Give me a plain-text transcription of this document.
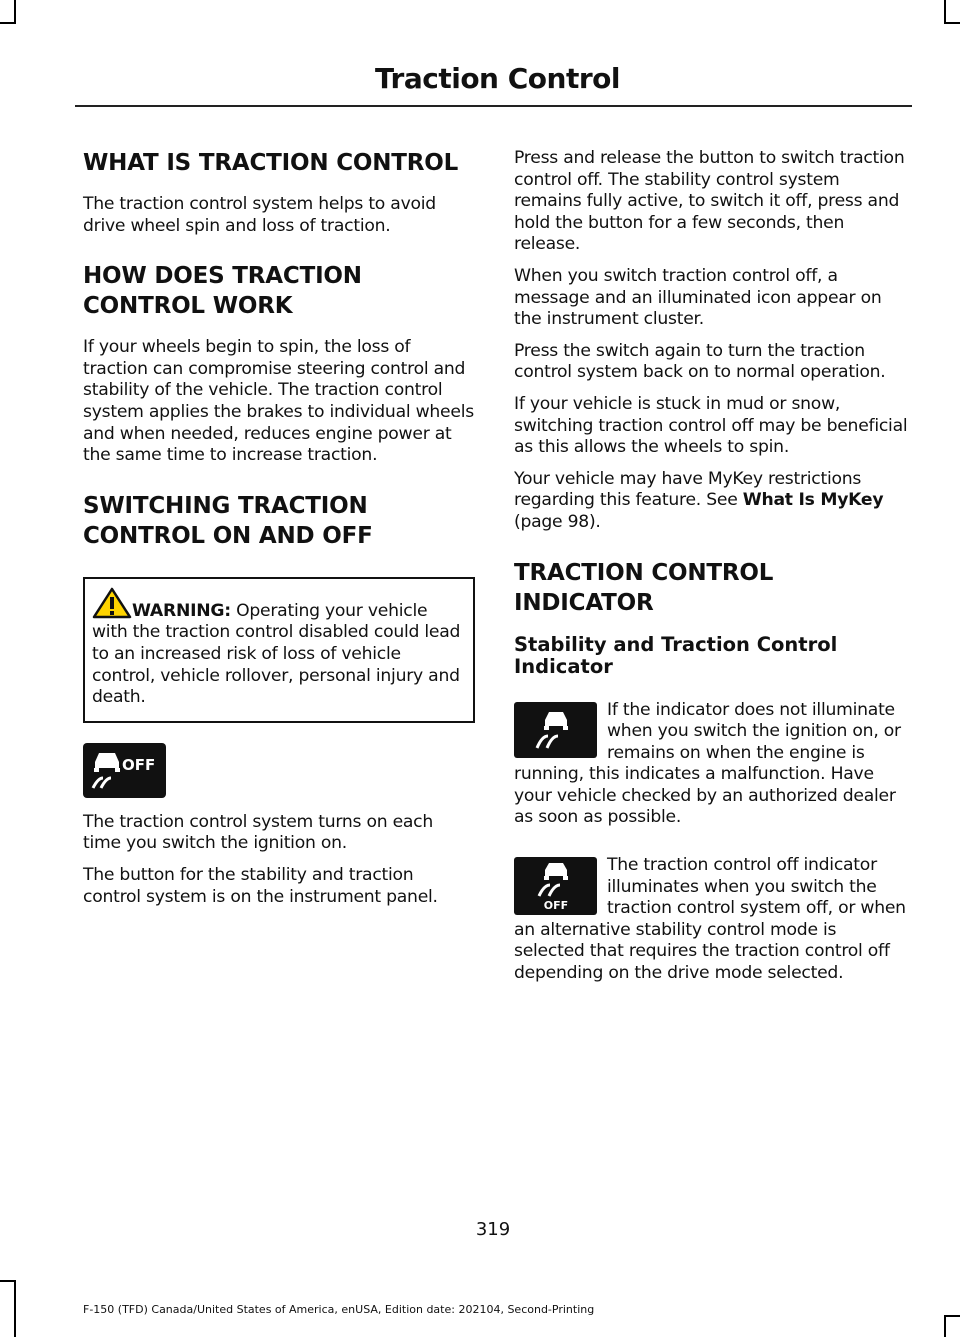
Traction Control
WHAT IS TRACTION CONTROL

The traction control system helps to avoid drive wheel spin and loss of traction.

HOW DOES TRACTION
CONTROL WORK

If your wheels begin to spin, the loss of traction can compromise steering control and stability of the vehicle. The traction control system applies the brakes to individual wheels and when needed, reduces engine power at the same time to increase traction.

SWITCHING TRACTION
CONTROL ON AND OFF

WARNING: Operating your vehicle with the traction control disabled could lead to an increased risk of loss of vehicle control, vehicle rollover, personal injury and death.

OFF

The traction control system turns on each time you switch the ignition on.

The button for the stability and traction control system is on the instrument panel.

Press and release the button to switch traction control off. The stability control system remains fully active, to switch it off, press and hold the button for a few seconds, then release.

When you switch traction control off, a message and an illuminated icon appear on the instrument cluster.

Press the switch again to turn the traction control system back on to normal operation.

If your vehicle is stuck in mud or snow, switching traction control off may be beneficial as this allows the wheels to spin.

Your vehicle may have MyKey restrictions regarding this feature. See What Is MyKey (page 98).

TRACTION CONTROL
INDICATOR
Stability and Traction Control Indicator

If the indicator does not illuminate when you switch the ignition on, or remains on when the engine is running, this indicates a malfunction. Have your vehicle checked by an authorized dealer as soon as possible.

OFF

The traction control off indicator illuminates when you switch the traction control system off, or when an alternative stability control mode is selected that requires the traction control off depending on the drive mode selected.

319
F-150 (TFD) Canada/United States of America, enUSA, Edition date: 202104, Second-Printing
